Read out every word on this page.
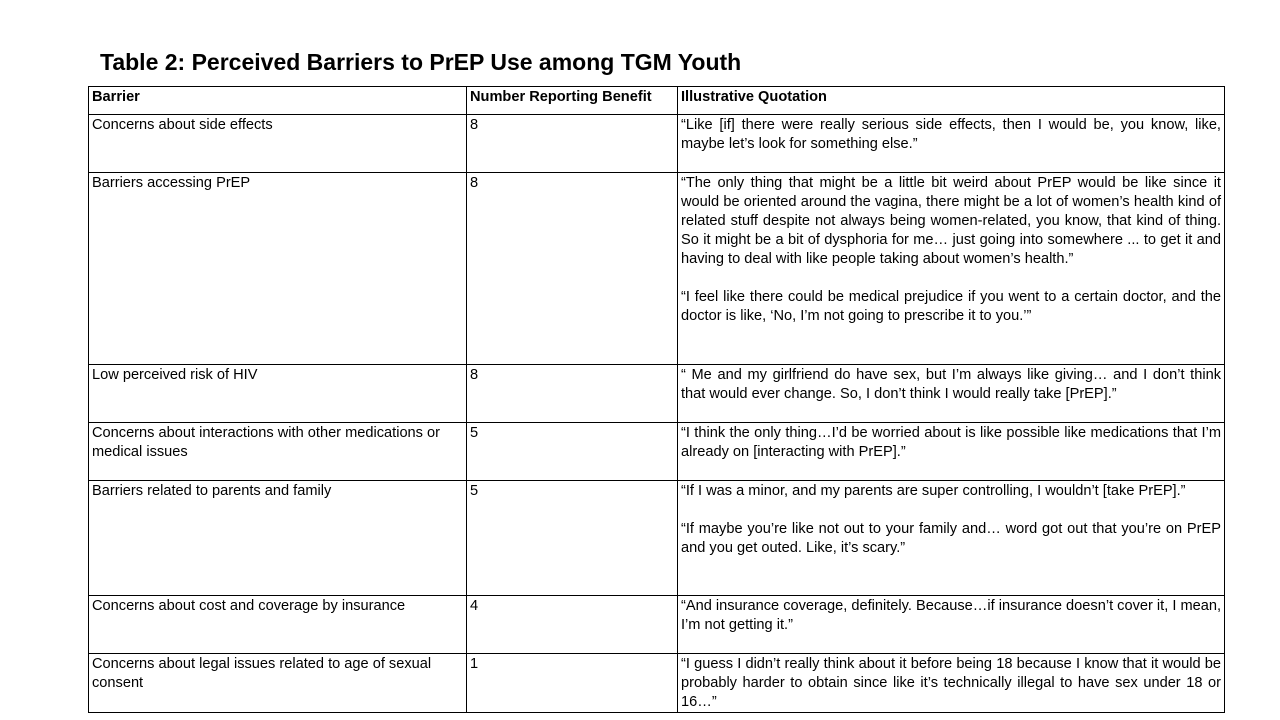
Table 2: Perceived Barriers to PrEP Use among TGM Youth
Barrier	Number Reporting Benefit	Illustrative Quotation
Concerns about side effects	8	“Like [if] there were really serious side effects, then I would be, you know, like, maybe let’s look for something else.”

Barriers accessing PrEP	8	“The only thing that might be a little bit weird about PrEP would be like since it would be oriented around the vagina, there might be a lot of women’s health kind of related stuff despite not always being women-related, you know, that kind of thing. So it might be a bit of dysphoria for me… just going into somewhere ... to get it and having to deal with like people taking about women’s health.”
“I feel like there could be medical prejudice if you went to a certain doctor, and the doctor is like, ‘No, I’m not going to prescribe it to you.’”

Low perceived risk of HIV	8	“ Me and my girlfriend do have sex, but I’m always like giving… and I don’t think that would ever change. So, I don’t think I would really take [PrEP].”

Concerns about interactions with other medications or medical issues	5	“I think the only thing…I’d be worried about is like possible like medications that I’m already on [interacting with PrEP].”

Barriers related to parents and family	5	“If I was a minor, and my parents are super controlling, I wouldn’t [take PrEP].”
“If maybe you’re like not out to your family and… word got out that you’re on PrEP and you get outed. Like, it’s scary.”

Concerns about cost and coverage by insurance	4	“And insurance coverage, definitely. Because…if insurance doesn’t cover it, I mean, I’m not getting it.”

Concerns about legal issues related to age of sexual consent	1	“I guess I didn’t really think about it before being 18 because I know that it would be probably harder to obtain since like it’s technically illegal to have sex under 18 or 16…”
